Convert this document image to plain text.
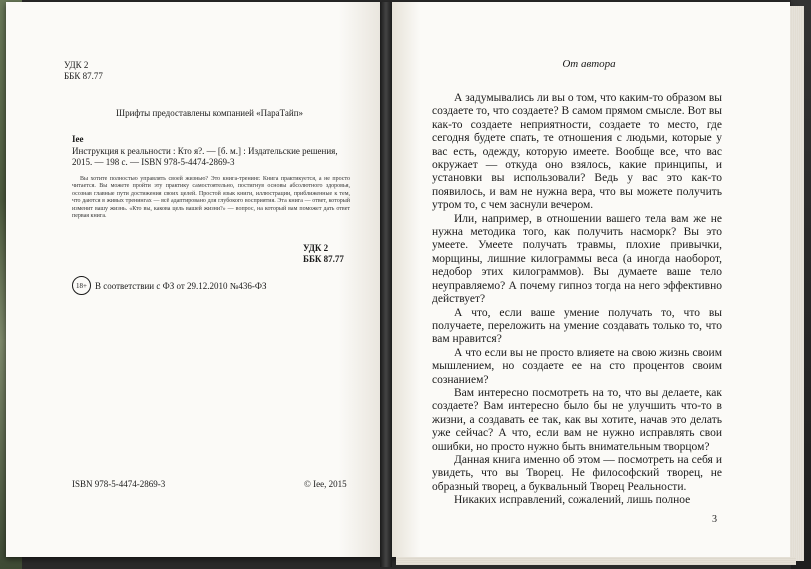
УДК 2
ББК 87.77
Шрифты предоставлены компанией «ПараТайп»
Iee
Инструкция к реальности : Кто я?. — [б. м.] : Издательские решения, 2015. — 198 с. — ISBN 978-5-4474-2869-3
Вы хотите полностью управлять своей жизнью? Это книга-тренинг. Книга практикуется, а не просто читается. Вы можете пройти эту практику самостоятельно, постигнув основы абсолютного здоровья, осознав главные пути достижения своих целей. Простой язык книги, иллюстрации, приближенные к тем, что даются в живых тренингах — всё адаптировано для глубокого восприятия. Эта книга — ответ, который изменит вашу жизнь. «Кто вы, какова цель вашей жизни?» — вопрос, на который вам поможет дать ответ первая книга.
УДК 2
ББК 87.77
18+ В соответствии с ФЗ от 29.12.2010 №436-ФЗ
ISBN 978-5-4474-2869-3	© Iee, 2015
От автора

А задумывались ли вы о том, что каким-то образом вы создаете то, что создаете? В самом прямом смысле. Вот вы как-то создаете неприятности, создаете то место, где сегодня будете спать, те отношения с людьми, которые у вас есть, одежду, которую имеете. Вообще все, что вас окружает — откуда оно взялось, какие принципы, и установки вы использовали? Ведь у вас это как-то появилось, и вам не нужна вера, что вы можете получить утром то, с чем заснули вечером.

Или, например, в отношении вашего тела вам же не нужна методика того, как получить насморк? Вы это умеете. Умеете получать травмы, плохие привычки, морщины, лишние килограммы веса (а иногда наоборот, недобор этих килограммов). Вы думаете ваше тело неуправляемо? А почему гипноз тогда на него эффективно действует?

А что, если ваше умение получать то, что вы получаете, переложить на умение создавать только то, что вам нравится?

А что если вы не просто влияете на свою жизнь своим мышлением, но создаете ее на сто процентов своим сознанием?

Вам интересно посмотреть на то, что вы делаете, как создаете? Вам интересно было бы не улучшить что-то в жизни, а создавать ее так, как вы хотите, начав это делать уже сейчас? А что, если вам не нужно исправлять свои ошибки, но просто нужно быть внимательным творцом?

Данная книга именно об этом — посмотреть на себя и увидеть, что вы Творец. Не философский творец, не образный творец, а буквальный Творец Реальности.

Никаких исправлений, сожалений, лишь полное

3
